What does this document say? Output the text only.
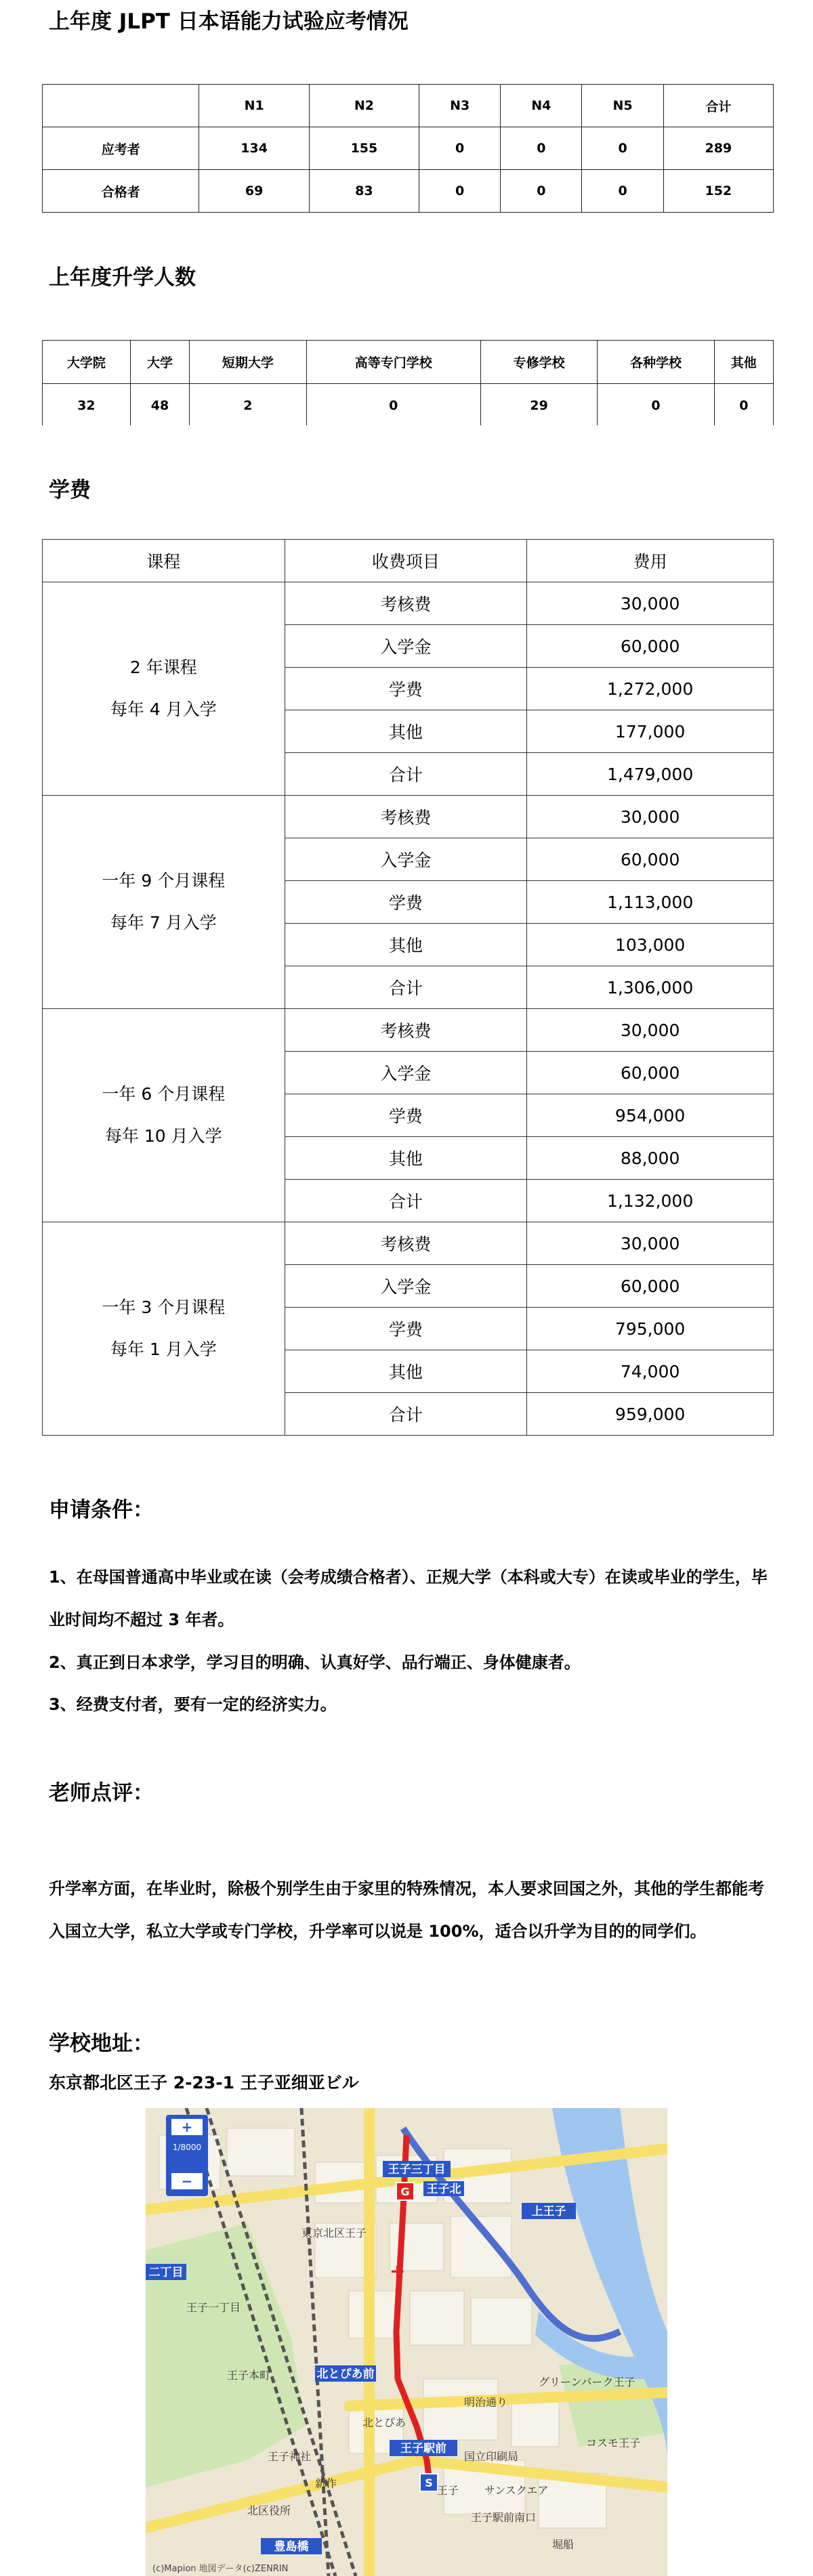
上年度 JLPT 日本语能力试验应考情况
	N1	N2	N3	N4	N5	合计
应考者	134	155	0	0	0	289
合格者	69	83	0	0	0	152
上年度升学人数
大学院	大学	短期大学	高等专门学校	专修学校	各种学校	其他
32	48	2	0	29	0	0
学费
课程	收费项目	费用

2 年课程
每年 4 月入学	考核费	30,000
	入学金	60,000
	学费	1,272,000
	其他	177,000
	合计	1,479,000

一年 9 个月课程
每年 7 月入学	考核费	30,000
	入学金	60,000
	学费	1,113,000
	其他	103,000
	合计	1,306,000

一年 6 个月课程
每年 10 月入学	考核费	30,000
	入学金	60,000
	学费	954,000
	其他	88,000
	合计	1,132,000

一年 3 个月课程
每年 1 月入学	考核费	30,000
	入学金	60,000
	学费	795,000
	其他	74,000
	合计	959,000
申请条件：

1、在母国普通高中毕业或在读（会考成绩合格者）、正规大学（本科或大专）在读或毕业的学生，毕业时间均不超过 3 年者。

2、真正到日本求学，学习目的明确、认真好学、品行端正、身体健康者。

3、经费支付者，要有一定的经济实力。

老师点评：

升学率方面，在毕业时，除极个别学生由于家里的特殊情况，本人要求回国之外，其他的学生都能考入国立大学，私立大学或专门学校，升学率可以说是 100%，适合以升学为目的的同学们。

学校地址：
东京都北区王子 2-23-1 王子亚细亚ビル
G
S
+
王子三丁目
王子北
二丁目
北とぴあ前
王子駅前
上王子
豊島橋
東京北区王子
王子本町
北区役所
北とぴあ
明治通り
サンスクエア
コスモ王子
グリーンパーク王子
国立印刷局
王子
王子神社
王子一丁目
堀船
王子駅前南口
新作
+
1/8000
−
(c)Mapion 地図データ(c)ZENRIN
